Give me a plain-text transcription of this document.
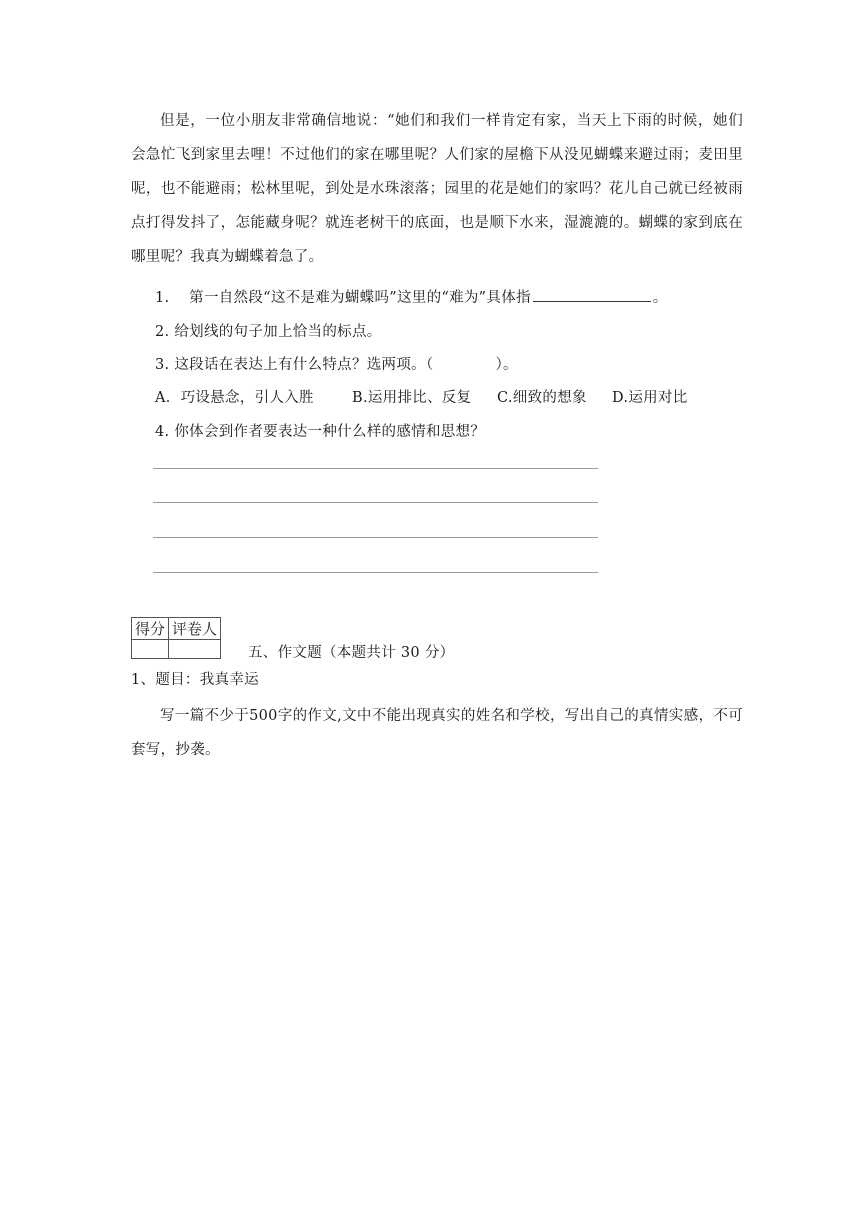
但是，一位小朋友非常确信地说：“她们和我们一样肯定有家，当天上下雨的时候，她们会急忙飞到家里去哩！不过他们的家在哪里呢？人们家的屋檐下从没见蝴蝶来避过雨；麦田里呢，也不能避雨；松林里呢，到处是水珠滚落；园里的花是她们的家吗？花儿自己就已经被雨点打得发抖了，怎能藏身呢？就连老树干的底面，也是顺下水来，湿漉漉的。蝴蝶的家到底在哪里呢？我真为蝴蝶着急了。
1.　 第一自然段“这不是难为蝴蝶吗”这里的“难为”具体指	。
2. 给划线的句子加上恰当的标点。
3. 这段话在表达上有什么特点？选两项。（	）。
A．巧设悬念，引人入胜	B.运用排比、反复 C.细致的想象 D.运用对比
4. 你体会到作者要表达一种什么样的感情和思想？
得分	评卷人

五、作文题（本题共计 30 分）
1、题目：我真幸运
写一篇不少于500字的作文,文中不能出现真实的姓名和学校，写出自己的真情实感，不可套写，抄袭。
